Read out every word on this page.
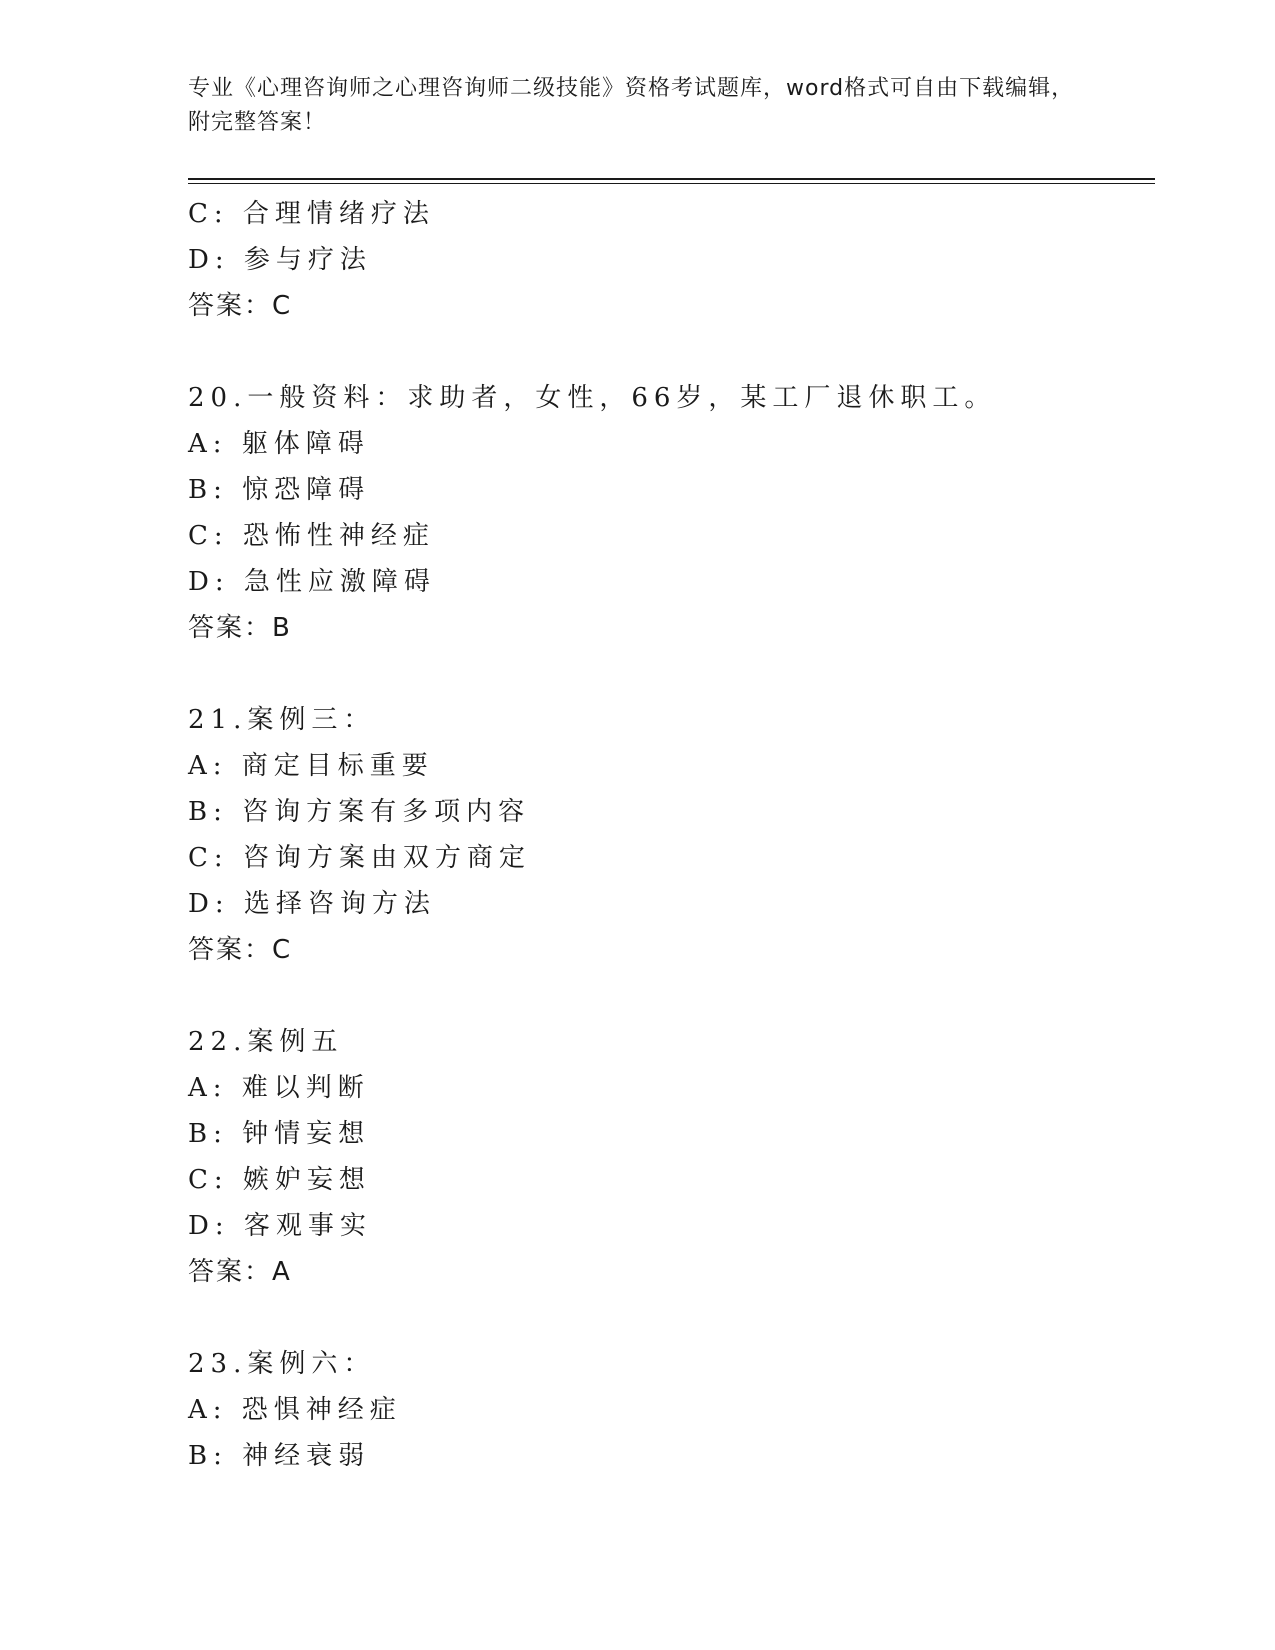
专业《心理咨询师之心理咨询师二级技能》资格考试题库，word格式可自由下载编辑，附完整答案！

C: 合理情绪疗法
D: 参与疗法
答案：C
20.一般资料：求助者，女性，66岁，某工厂退休职工。
A: 躯体障碍
B: 惊恐障碍
C: 恐怖性神经症
D: 急性应激障碍
答案：B
21.案例三：
A: 商定目标重要
B: 咨询方案有多项内容
C: 咨询方案由双方商定
D: 选择咨询方法
答案：C
22.案例五
A: 难以判断
B: 钟情妄想
C: 嫉妒妄想
D: 客观事实
答案：A
23.案例六：
A: 恐惧神经症
B: 神经衰弱
